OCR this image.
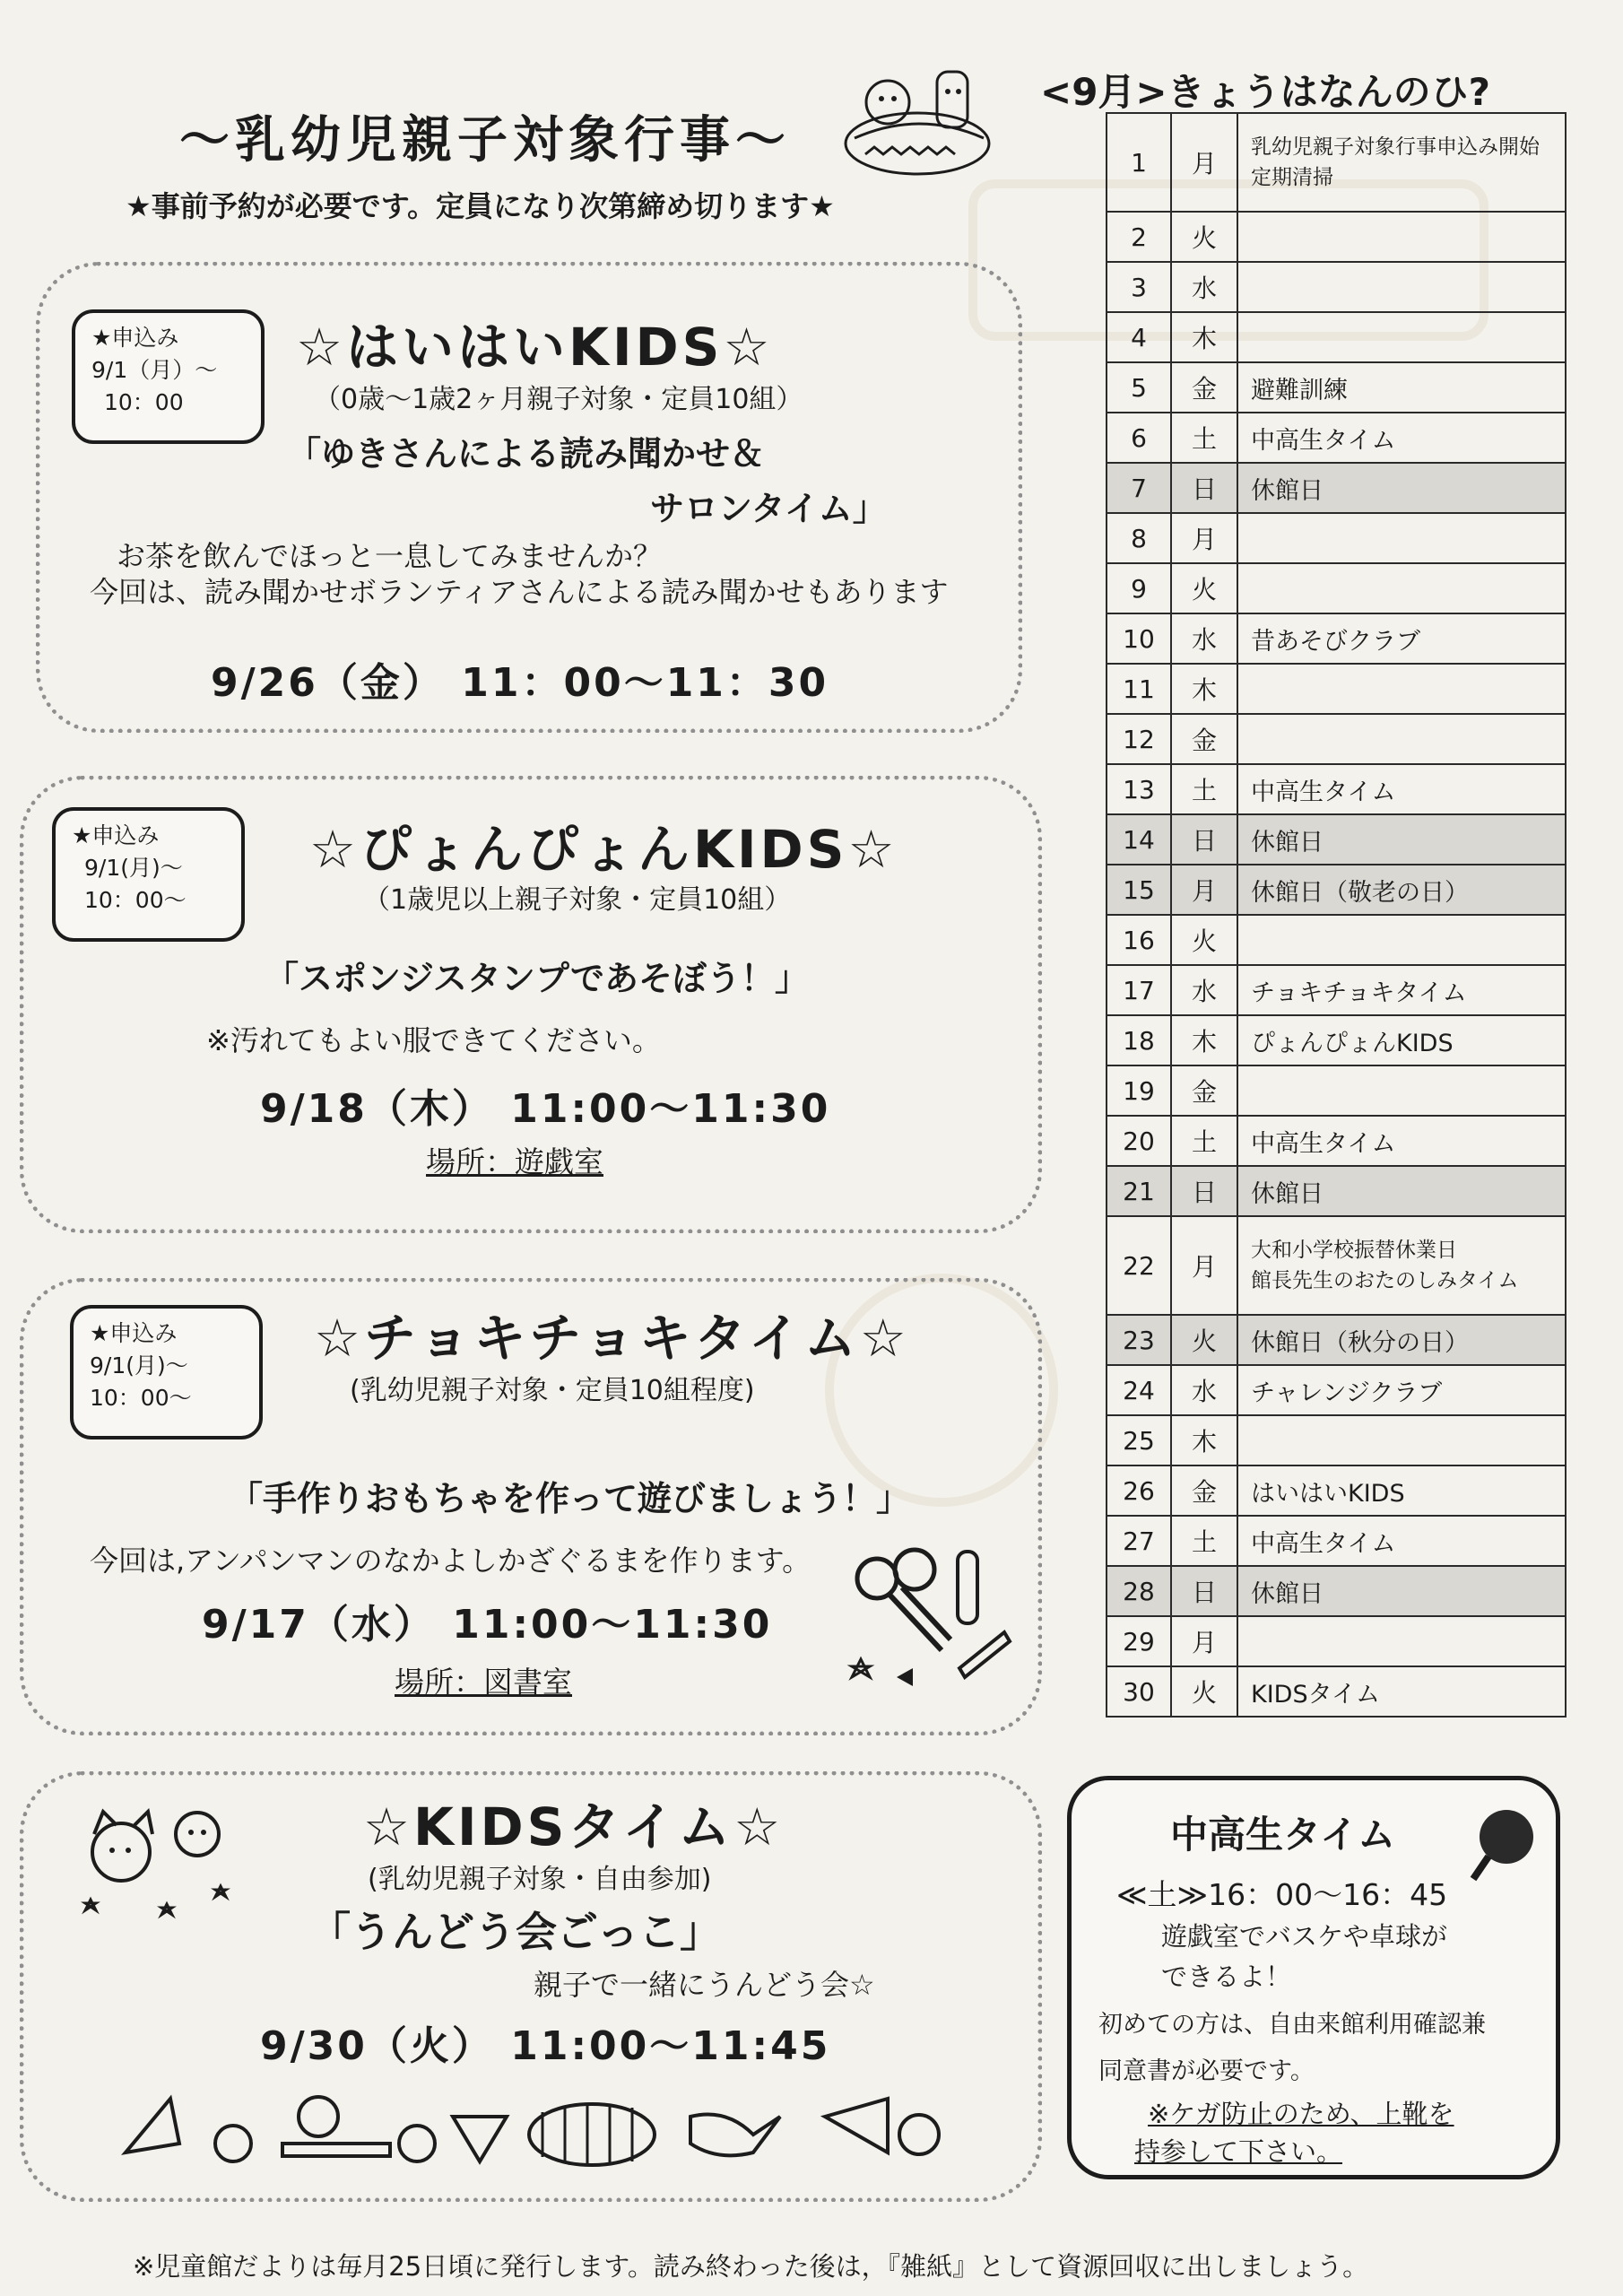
～乳幼児親子対象行事～
★事前予約が必要です。定員になり次第締め切ります★
★申込み
9/1（月）～
10：00
☆はいはいKIDS☆
（0歳～1歳2ヶ月親子対象・定員10組）
「ゆきさんによる読み聞かせ＆
サロンタイム」
お茶を飲んでほっと一息してみませんか？
今回は、読み聞かせボランティアさんによる読み聞かせもあります
9/26（金） 11：00～11：30
★申込み
9/1(月)～
10：00～
☆ぴょんぴょんKIDS☆
（1歳児以上親子対象・定員10組）
「スポンジスタンプであそぼう！」
※汚れてもよい服できてください。
9/18（木） 11:00～11:30
場所：遊戯室
★申込み
9/1(月)～
10：00～
☆チョキチョキタイム☆
(乳幼児親子対象・定員10組程度)
「手作りおもちゃを作って遊びましょう！」
今回は,アンパンマンのなかよしかざぐるまを作ります。
9/17（水） 11:00～11:30
場所：図書室
☆KIDSタイム☆
(乳幼児親子対象・自由参加)
「うんどう会ごっこ」
親子で一緒にうんどう会☆
9/30（火） 11:00～11:45
<9月>きょうはなんのひ?
1	月	乳幼児親子対象行事申込み開始
定期清掃

2	火	
3	水	
4	木	
5	金	避難訓練

6	土	中高生タイム

7	日	休館日

8	月	
9	火	
10	水	昔あそびクラブ

11	木	
12	金	
13	土	中高生タイム

14	日	休館日

15	月	休館日（敬老の日）

16	火	
17	水	チョキチョキタイム

18	木	ぴょんぴょんKIDS

19	金	
20	土	中高生タイム

21	日	休館日

22	月	大和小学校振替休業日
館長先生のおたのしみタイム

23	火	休館日（秋分の日）

24	水	チャレンジクラブ

25	木	
26	金	はいはいKIDS

27	土	中高生タイム

28	日	休館日

29	月	
30	火	KIDSタイム
中高生タイム
≪土≫16：00～16：45
遊戯室でバスケや卓球が
できるよ！
初めての方は、自由来館利用確認兼
同意書が必要です。
※ケガ防止のため、上靴を
持参して下さい。
※児童館だよりは毎月25日頃に発行します。読み終わった後は，『雑紙』として資源回収に出しましょう。
